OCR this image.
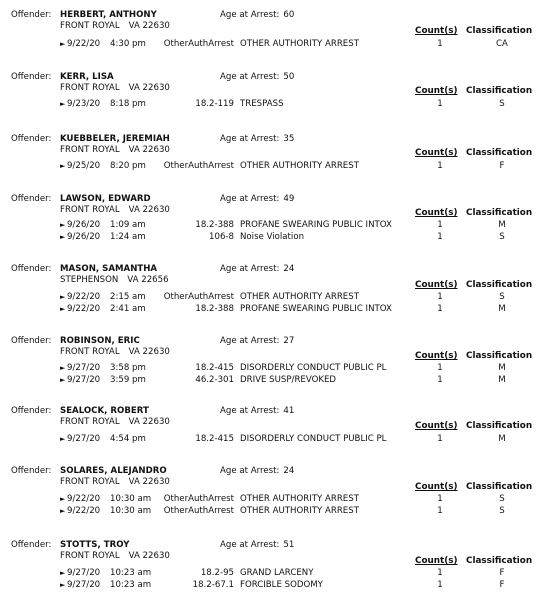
Offender: HERBERT, ANTHONY	Age at Arrest: 60
FRONT ROYAL VA 22630	Count(s) Classification
► 9/22/20 4:30 pm	OtherAuthArrest OTHER AUTHORITY ARREST	1	CA
Offender: KERR, LISA	Age at Arrest: 50
FRONT ROYAL VA 22630	Count(s) Classification
► 9/23/20 8:18 pm	18.2-119 TRESPASS	1	S
Offender: KUEBBELER, JEREMIAH	Age at Arrest: 35
FRONT ROYAL VA 22630	Count(s) Classification
► 9/25/20 8:20 pm	OtherAuthArrest OTHER AUTHORITY ARREST	1	F
Offender: LAWSON, EDWARD	Age at Arrest: 49
FRONT ROYAL VA 22630	Count(s) Classification
► 9/26/20 1:09 am	18.2-388 PROFANE SWEARING PUBLIC INTOX	1	M
► 9/26/20 1:24 am	106-8 Noise Violation	1	S
Offender: MASON, SAMANTHA	Age at Arrest: 24
STEPHENSON VA 22656	Count(s) Classification
► 9/22/20 2:15 am	OtherAuthArrest OTHER AUTHORITY ARREST	1	S
► 9/22/20 2:41 am	18.2-388 PROFANE SWEARING PUBLIC INTOX	1	M
Offender: ROBINSON, ERIC	Age at Arrest: 27
FRONT ROYAL VA 22630	Count(s) Classification
► 9/27/20 3:58 pm	18.2-415 DISORDERLY CONDUCT PUBLIC PL	1	M
► 9/27/20 3:59 pm	46.2-301 DRIVE SUSP/REVOKED	1	M
Offender: SEALOCK, ROBERT	Age at Arrest: 41
FRONT ROYAL VA 22630	Count(s) Classification
► 9/27/20 4:54 pm	18.2-415 DISORDERLY CONDUCT PUBLIC PL	1	M
Offender: SOLARES, ALEJANDRO	Age at Arrest: 24
FRONT ROYAL VA 22630	Count(s) Classification
► 9/22/20 10:30 am	OtherAuthArrest OTHER AUTHORITY ARREST	1	S
► 9/22/20 10:30 am	OtherAuthArrest OTHER AUTHORITY ARREST	1	S
Offender: STOTTS, TROY	Age at Arrest: 51
FRONT ROYAL VA 22630	Count(s) Classification
► 9/27/20 10:23 am	18.2-95 GRAND LARCENY	1	F
► 9/27/20 10:23 am	18.2-67.1 FORCIBLE SODOMY	1	F
